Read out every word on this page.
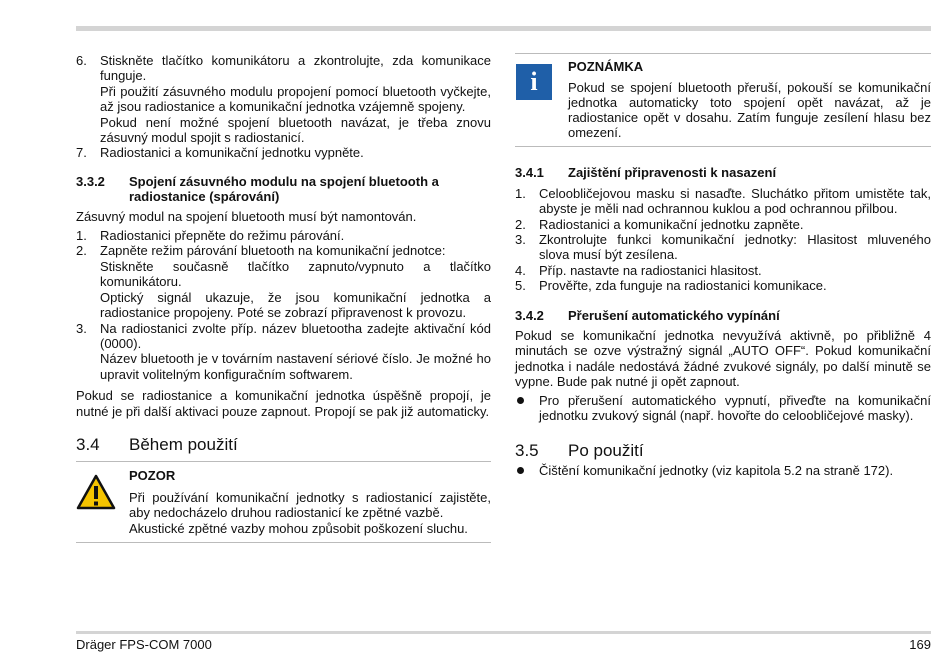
6.	Stiskněte tlačítko komunikátoru a zkontrolujte, zda komunikace funguje.

Při použití zásuvného modulu propojení pomocí bluetooth vyčkejte, až jsou radiostanice a komunikační jednotka vzájemně spojeny.

Pokud není možné spojení bluetooth navázat, je třeba znovu zásuvný modul spojit s radiostanicí.

7.	Radiostanici a komunikační jednotku vypněte.

3.3.2	Spojení zásuvného modulu na spojení bluetooth a radiostanice (spárování)

Zásuvný modul na spojení bluetooth musí být namontován.

1.	Radiostanici přepněte do režimu párování.

2.	Zapněte režim párování bluetooth na komunikační jednotce:

Stiskněte současně tlačítko zapnuto/vypnuto a tlačítko komunikátoru.

Optický signál ukazuje, že jsou komunikační jednotka a radiostanice propojeny. Poté se zobrazí připravenost k provozu.

3.	Na radiostanici zvolte příp. název bluetootha zadejte aktivační kód (0000).

Název bluetooth je v továrním nastavení sériové číslo. Je možné ho upravit volitelným konfiguračním softwarem.

Pokud se radiostanice a komunikační jednotka úspěšně propojí, je nutné je při další aktivaci pouze zapnout. Propojí se pak již automaticky.

3.4	Během použití
POZOR

Při používání komunikační jednotky s radiostanicí zajistěte, aby nedocházelo druhou radiostanicí ke zpětné vazbě.

Akustické zpětné vazby mohou způsobit poškození sluchu.

i
POZNÁMKA

Pokud se spojení bluetooth přeruší, pokouší se komunikační jednotka automaticky toto spojení opět navázat, až je radiostanice opět v dosahu. Zatím funguje zesílení hlasu bez omezení.

3.4.1	Zajištění připravenosti k nasazení
1.	Celoobličejovou masku si nasaďte. Sluchátko přitom umistěte tak, abyste je měli nad ochrannou kuklou a pod ochrannou přilbou.

2.	Radiostanici a komunikační jednotku zapněte.

3.	Zkontrolujte funkci komunikační jednotky: Hlasitost mluveného slova musí být zesílena.

4.	Příp. nastavte na radiostanici hlasitost.

5.	Prověřte, zda funguje na radiostanici komunikace.

3.4.2	Přerušení automatického vypínání

Pokud se komunikační jednotka nevyužívá aktivně, po přibližně 4 minutách se ozve výstražný signál „AUTO OFF“. Pokud komunikační jednotka i nadále nedostává žádné zvukové signály, po další minutě se vypne. Bude pak nutné ji opět zapnout.

Pro přerušení automatického vypnutí, přiveďte na komunikační jednotku zvukový signál (např. hovořte do celoobličejové masky).

3.5	Po použití

Čištění komunikační jednotky (viz kapitola 5.2 na straně 172).

Dräger FPS-COM 7000	169
